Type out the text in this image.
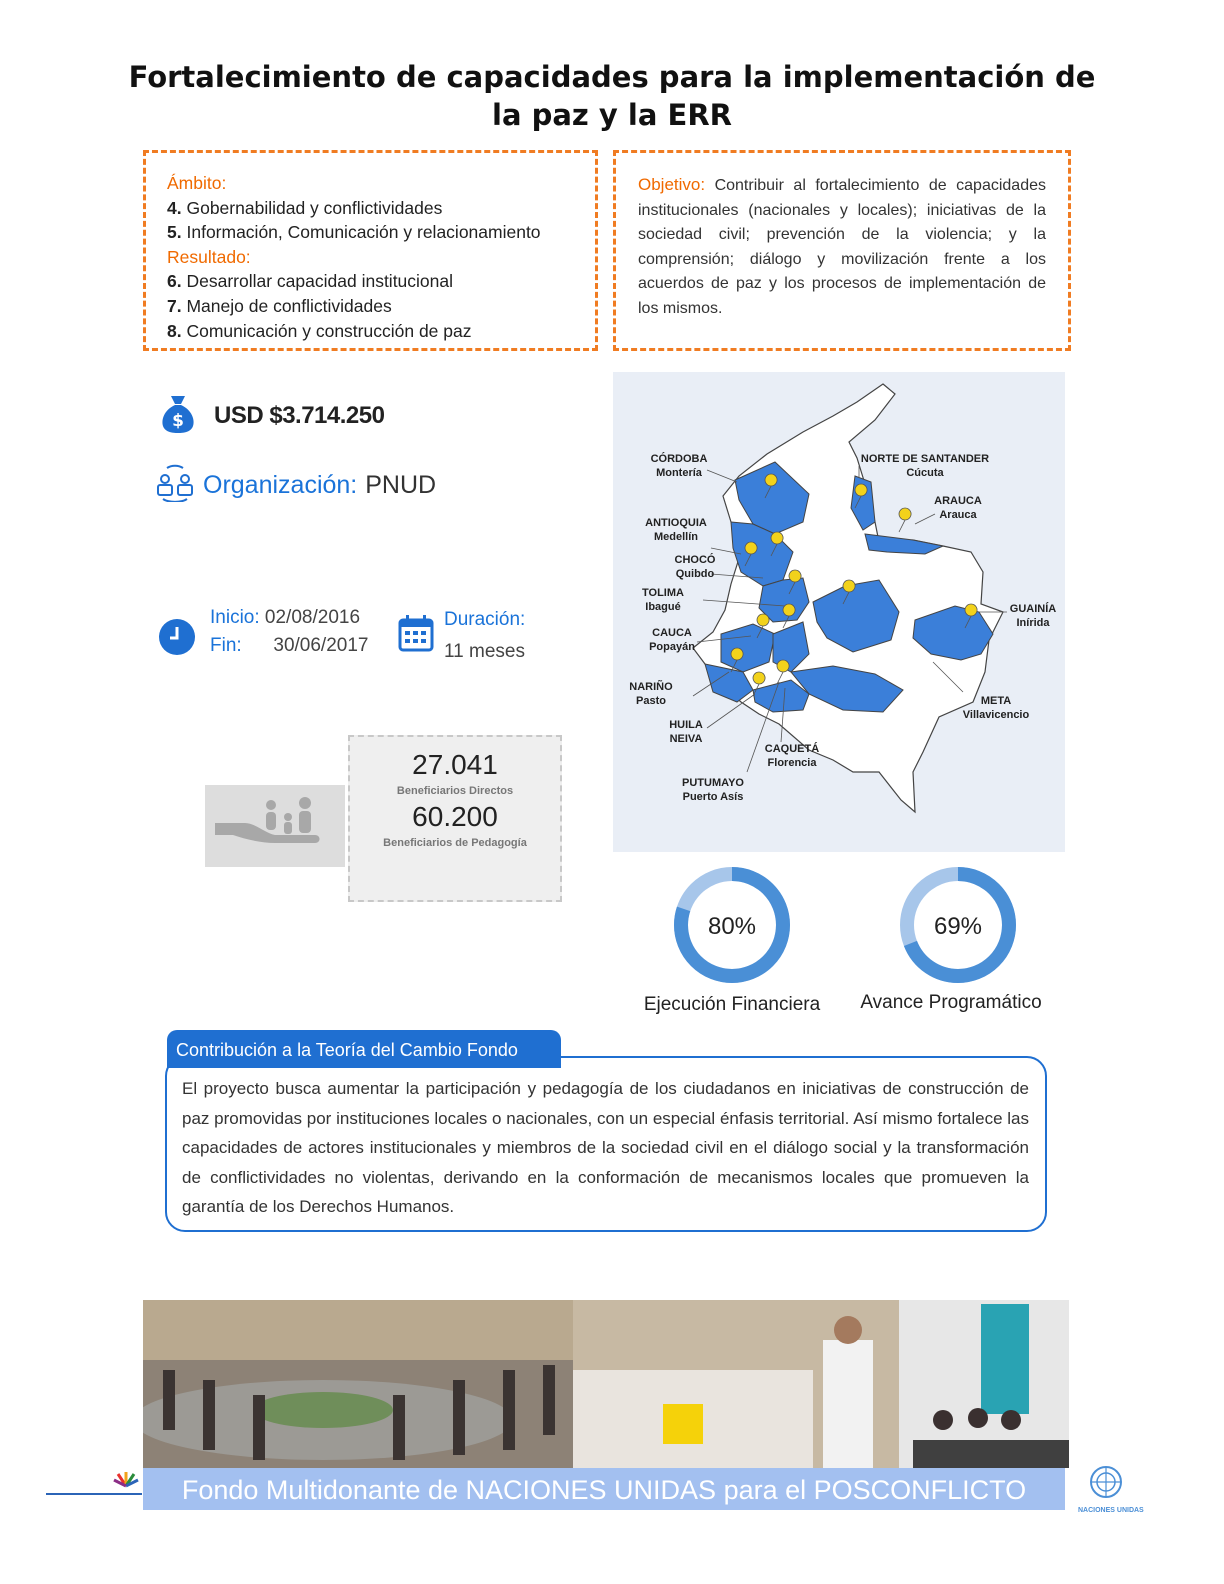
Fortalecimiento de capacidades para la implementación de la paz y la ERR
Ámbito:
4. Gobernabilidad y conflictividades
5. Información, Comunicación y relacionamiento
Resultado:
6. Desarrollar capacidad institucional
7. Manejo de conflictividades
8. Comunicación y construcción de paz
Objetivo: Contribuir al fortalecimiento de capacidades institucionales (nacionales y locales); iniciativas de la sociedad civil; prevención de la violencia; y la comprensión; diálogo y movilización frente a los acuerdos de paz y los procesos de implementación de los mismos.
$ USD $3.714.250
Organización: PNUD
Inicio: 02/08/2016
Fin: 30/06/2017
Duración:
11 meses
27.041
Beneficiarios Directos
60.200
Beneficiarios de Pedagogía
CÓRDOBA
Montería
ANTIOQUIA
Medellín
CHOCÓ
Quibdo
TOLIMA
Ibagué
CAUCA
Popayán
NARIÑO
Pasto
HUILA
NEIVA
PUTUMAYO
Puerto Asís
CAQUETÁ
Florencia
META
Villavicencio
GUAINÍA
Inírida
ARAUCA
Arauca
NORTE DE SANTANDER
Cúcuta
80%
Ejecución Financiera
69%
Avance Programático
El proyecto busca aumentar la participación y pedagogía de los ciudadanos en iniciativas de construcción de paz promovidas por instituciones locales o nacionales, con un especial énfasis territorial. Así mismo fortalece las capacidades de actores institucionales y miembros de la sociedad civil en el diálogo social y la transformación de conflictividades no violentas, derivando en la conformación de mecanismos locales que promueven la garantía de los Derechos Humanos.
Contribución a la Teoría del Cambio Fondo
Fondo Multidonante de NACIONES UNIDAS para el POSCONFLICTO
NACIONES UNIDAS
